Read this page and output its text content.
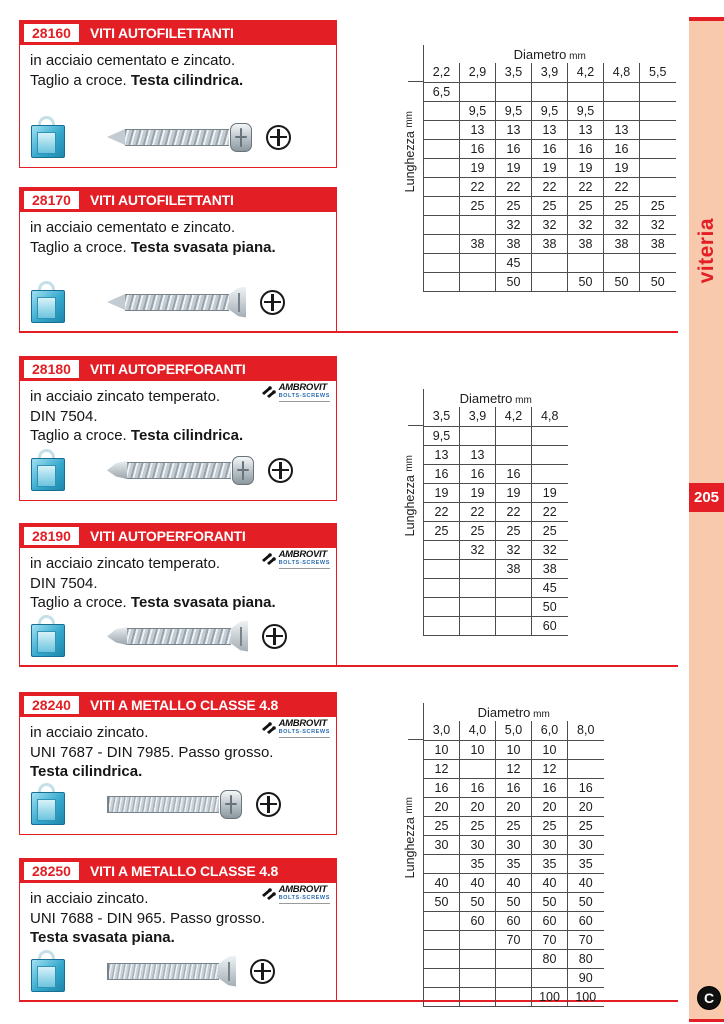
28160	VITI AUTOFILETTANTI
in acciaio cementato e zincato.
Taglio a croce. Testa cilindrica.
28170	VITI AUTOFILETTANTI
in acciaio cementato e zincato.
Taglio a croce. Testa svasata piana.
28180	VITI AUTOPERFORANTI
AMBROVIT
BOLTS-SCREWS
in acciaio zincato temperato.
DIN 7504.
Taglio a croce. Testa cilindrica.
28190	VITI AUTOPERFORANTI
AMBROVIT
BOLTS-SCREWS
in acciaio zincato temperato.
DIN 7504.
Taglio a croce. Testa svasata piana.
28240	VITI A METALLO CLASSE 4.8
AMBROVIT
BOLTS-SCREWS
in acciaio zincato.
UNI 7687 - DIN 7985. Passo grosso.
Testa cilindrica.
28250	VITI A METALLO CLASSE 4.8
AMBROVIT
BOLTS-SCREWS
in acciaio zincato.
UNI 7688 - DIN 965. Passo grosso.
Testa svasata piana.
Lunghezza mm
Diametro mm						
2,2	2,9	3,5	3,9	4,2	4,8	5,5
6,5						
	9,5	9,5	9,5	9,5		
	13	13	13	13	13	
	16	16	16	16	16	
	19	19	19	19	19	
	22	22	22	22	22	
	25	25	25	25	25	25
		32	32	32	32	32
	38	38	38	38	38	38
		45				
		50		50	50	50
Lunghezza mm
Diametro mm			
3,5	3,9	4,2	4,8
9,5			
13	13		
16	16	16	
19	19	19	19
22	22	22	22
25	25	25	25
	32	32	32
		38	38
			45
			50
			60
Lunghezza mm
Diametro mm				
3,0	4,0	5,0	6,0	8,0
10	10	10	10	
12		12	12	
16	16	16	16	16
20	20	20	20	20
25	25	25	25	25
30	30	30	30	30
	35	35	35	35
40	40	40	40	40
50	50	50	50	50
	60	60	60	60
		70	70	70
			80	80
				90
			100	100
viteria
205
C
